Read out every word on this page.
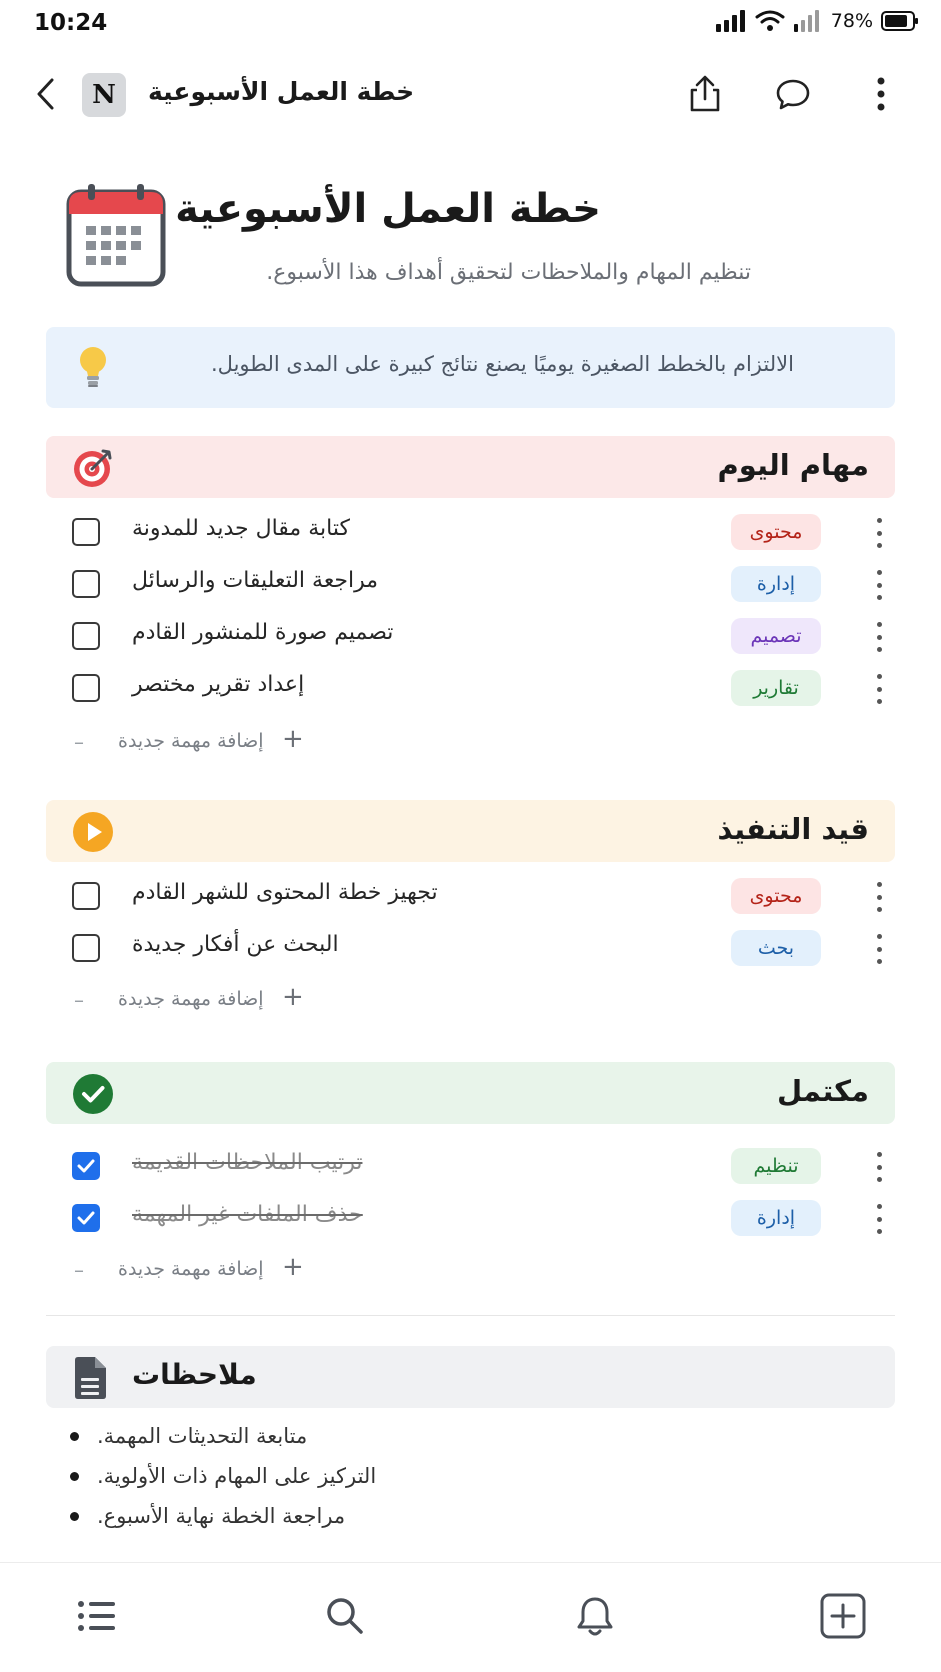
10:24	78%
N	خطة العمل الأسبوعية
خطة العمل الأسبوعية
تنظيم المهام والملاحظات لتحقيق أهداف هذا الأسبوع.
الالتزام بالخطط الصغيرة يوميًا يصنع نتائج كبيرة على المدى الطويل.
مهام اليوم
كتابة مقال جديد للمدونة	محتوى
مراجعة التعليقات والرسائل	إدارة
تصميم صورة للمنشور القادم	تصميم
إعداد تقرير مختصر	تقارير
– إضافة مهمة جديدة +
قيد التنفيذ
تجهيز خطة المحتوى للشهر القادم	محتوى
البحث عن أفكار جديدة	بحث
– إضافة مهمة جديدة +
مكتمل
ترتيب الملاحظات القديمة	تنظيم
حذف الملفات غير المهمة	إدارة
– إضافة مهمة جديدة +
ملاحظات
متابعة التحديثات المهمة.
التركيز على المهام ذات الأولوية.
مراجعة الخطة نهاية الأسبوع.
